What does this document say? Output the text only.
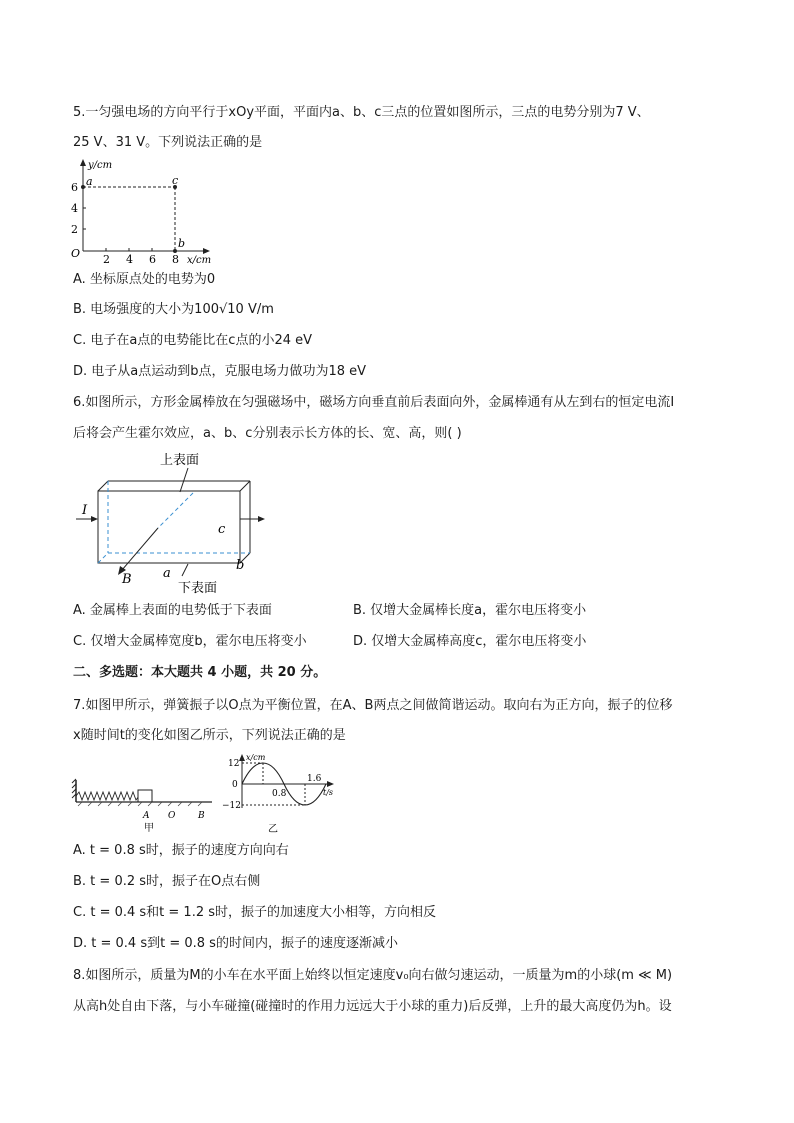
5.一匀强电场的方向平行于xOy平面，平面内a、b、c三点的位置如图所示，三点的电势分别为7 V、
25 V、31 V。下列说法正确的是
y/cm
x/cm
6
4
2
O 2 4 6 8
a	c
b
A. 坐标原点处的电势为0
B. 电场强度的大小为100√10 V/m
C. 电子在a点的电势能比在c点的小24 eV
D. 电子从a点运动到b点，克服电场力做功为18 eV
6.如图所示，方形金属棒放在匀强磁场中，磁场方向垂直前后表面向外，金属棒通有从左到右的恒定电流I
后将会产生霍尔效应，a、b、c分别表示长方体的长、宽、高，则( )
上表面
I
B a
b
c
下表面
A. 金属棒上表面的电势低于下表面	B. 仅增大金属棒长度a，霍尔电压将变小
C. 仅增大金属棒宽度b，霍尔电压将变小	D. 仅增大金属棒高度c，霍尔电压将变小
二、多选题：本大题共 4 小题，共 20 分。
7.如图甲所示，弹簧振子以O点为平衡位置，在A、B两点之间做简谐运动。取向右为正方向，振子的位移
x随时间t的变化如图乙所示，下列说法正确的是
A O	B
甲
x/cm
12
0
−12
0.8
1.6
t/s
乙
A. t = 0.8 s时，振子的速度方向向右
B. t = 0.2 s时，振子在O点右侧
C. t = 0.4 s和t = 1.2 s时，振子的加速度大小相等，方向相反
D. t = 0.4 s到t = 0.8 s的时间内，振子的速度逐渐减小
8.如图所示，质量为M的小车在水平面上始终以恒定速度v₀向右做匀速运动，一质量为m的小球(m ≪ M)
从高h处自由下落，与小车碰撞(碰撞时的作用力远远大于小球的重力)后反弹，上升的最大高度仍为h。设
